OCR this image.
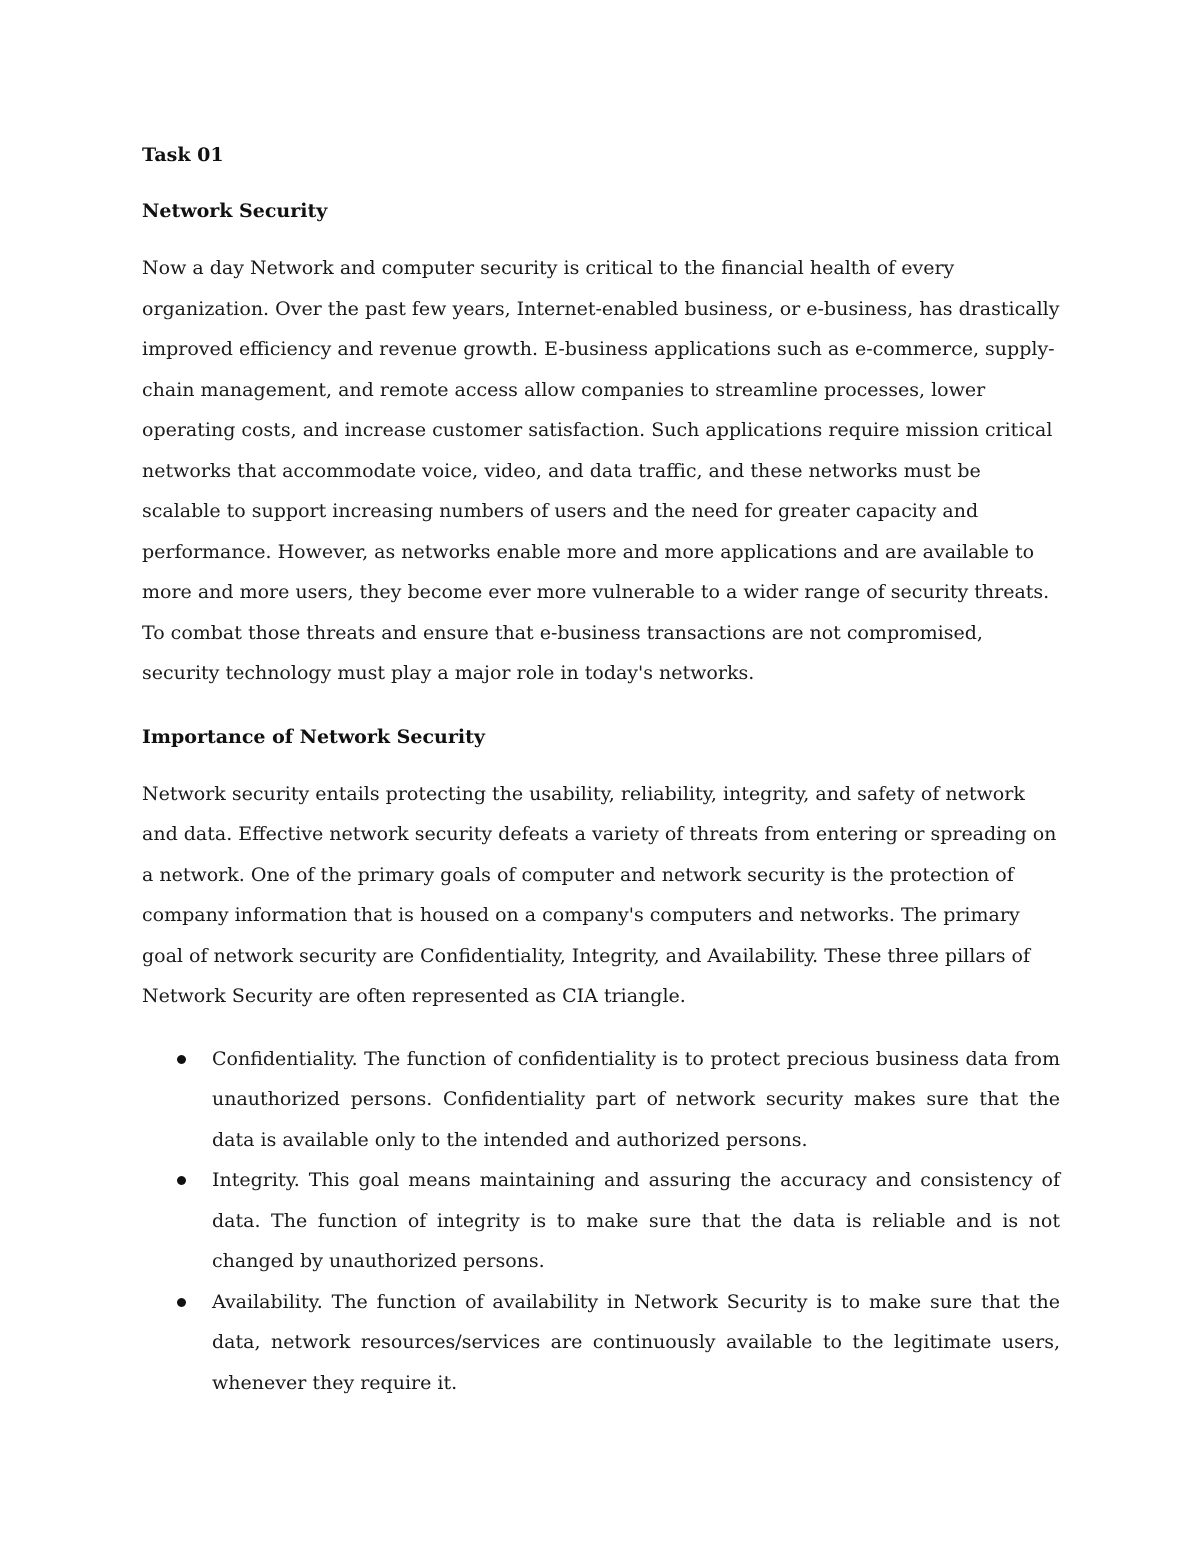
Task 01
Network Security

Now a day Network and computer security is critical to the financial health of every organization. Over the past few years, Internet-enabled business, or e-business, has drastically improved efficiency and revenue growth. E-business applications such as e-commerce, supply-chain management, and remote access allow companies to streamline processes, lower operating costs, and increase customer satisfaction. Such applications require mission critical networks that accommodate voice, video, and data traffic, and these networks must be scalable to support increasing numbers of users and the need for greater capacity and performance. However, as networks enable more and more applications and are available to more and more users, they become ever more vulnerable to a wider range of security threats. To combat those threats and ensure that e-business transactions are not compromised, security technology must play a major role in today's networks.

Importance of Network Security

Network security entails protecting the usability, reliability, integrity, and safety of network and data. Effective network security defeats a variety of threats from entering or spreading on a network. One of the primary goals of computer and network security is the protection of company information that is housed on a company's computers and networks. The primary goal of network security are Confidentiality, Integrity, and Availability. These three pillars of Network Security are often represented as CIA triangle.

Confidentiality. The function of confidentiality is to protect precious business data from unauthorized persons. Confidentiality part of network security makes sure that the data is available only to the intended and authorized persons.
Integrity. This goal means maintaining and assuring the accuracy and consistency of data. The function of integrity is to make sure that the data is reliable and is not changed by unauthorized persons.
Availability. The function of availability in Network Security is to make sure that the data, network resources/services are continuously available to the legitimate users, whenever they require it.
